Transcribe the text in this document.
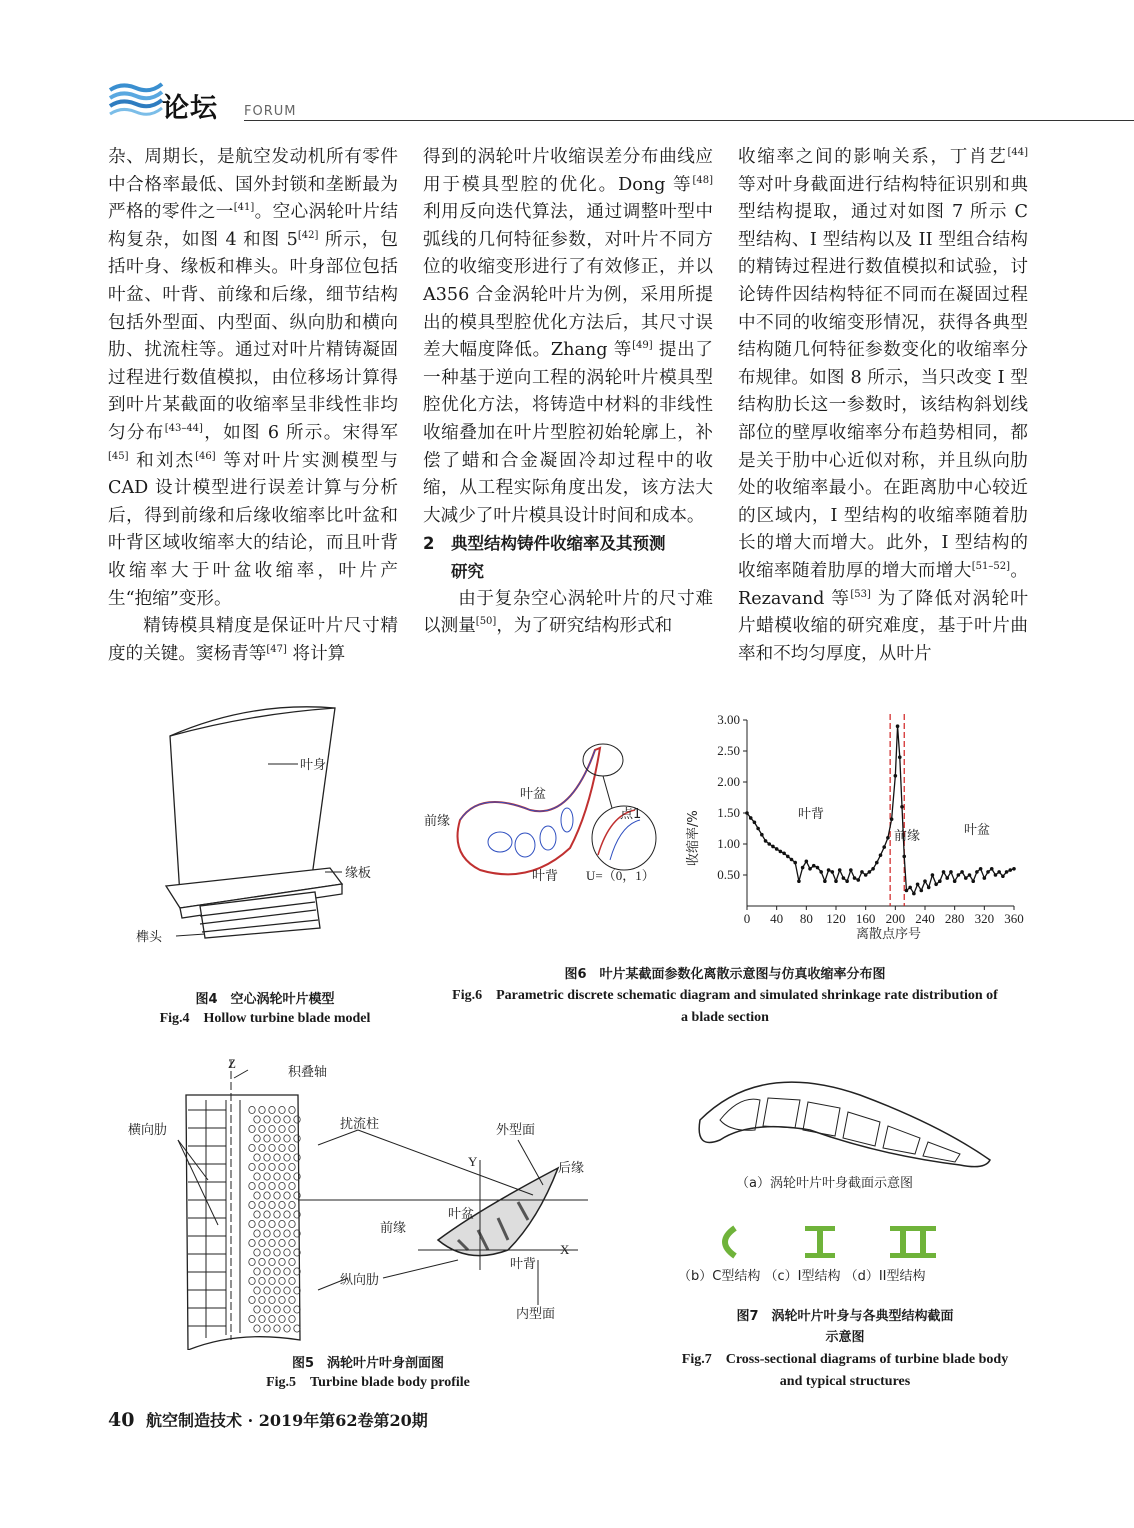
论坛 FORUM

杂、周期长，是航空发动机所有零件中合格率最低、国外封锁和垄断最为严格的零件之一[41]。空心涡轮叶片结构复杂，如图 4 和图 5[42] 所示，包括叶身、缘板和榫头。叶身部位包括叶盆、叶背、前缘和后缘，细节结构包括外型面、内型面、纵向肋和横向肋、扰流柱等。通过对叶片精铸凝固过程进行数值模拟，由位移场计算得到叶片某截面的收缩率呈非线性非均匀分布[43–44]，如图 6 所示。宋得军[45] 和刘杰[46] 等对叶片实测模型与 CAD 设计模型进行误差计算与分析后，得到前缘和后缘收缩率比叶盆和叶背区域收缩率大的结论，而且叶背收缩率大于叶盆收缩率，叶片产生“抱缩”变形。

精铸模具精度是保证叶片尺寸精度的关键。窦杨青等[47] 将计算

得到的涡轮叶片收缩误差分布曲线应用于模具型腔的优化。Dong 等[48] 利用反向迭代算法，通过调整叶型中弧线的几何特征参数，对叶片不同方位的收缩变形进行了有效修正，并以 A356 合金涡轮叶片为例，采用所提出的模具型腔优化方法后，其尺寸误差大幅度降低。Zhang 等[49] 提出了一种基于逆向工程的涡轮叶片模具型腔优化方法，将铸造中材料的非线性收缩叠加在叶片型腔初始轮廓上，补偿了蜡和合金凝固冷却过程中的收缩，从工程实际角度出发，该方法大大减少了叶片模具设计时间和成本。

2 典型结构铸件收缩率及其预测
研究

由于复杂空心涡轮叶片的尺寸难以测量[50]，为了研究结构形式和

收缩率之间的影响关系，丁肖艺[44] 等对叶身截面进行结构特征识别和典型结构提取，通过对如图 7 所示 C 型结构、I 型结构以及 II 型组合结构的精铸过程进行数值模拟和试验，讨论铸件因结构特征不同而在凝固过程中不同的收缩变形情况，获得各典型结构随几何特征参数变化的收缩率分布规律。如图 8 所示，当只改变 I 型结构肋长这一参数时，该结构斜划线部位的壁厚收缩率分布趋势相同，都是关于肋中心近似对称，并且纵向肋处的收缩率最小。在距离肋中心较近的区域内，I 型结构的收缩率随着肋长的增大而增大。此外，I 型结构的收缩率随着肋厚的增大而增大[51–52]。Rezavand 等[53] 为了降低对涡轮叶片蜡模收缩的研究难度，基于叶片曲率和不均匀厚度，从叶片

叶身
缘板
榫头
图4　空心涡轮叶片模型
Fig.4　Hollow turbine blade model
叶盆
前缘
叶背
点1
U=（0，1）
0 40 80 120 160 200 240 280 320 360
0.50
1.00
1.50
2.00
2.50
3.00
叶背
前缘	叶盆
离散点序号
收缩率/%
图6　叶片某截面参数化离散示意图与仿真收缩率分布图
Fig.6　Parametric discrete schematic diagram and simulated shrinkage rate distribution of
a blade section
Z
积叠轴
横向肋	扰流柱	外型面
Y	后缘
叶盆
前缘
X
叶背
纵向肋
内型面
图5　涡轮叶片叶身剖面图
Fig.5　Turbine blade body profile
（a）涡轮叶片叶身截面示意图
（b）C型结构 （c）I型结构 （d）II型结构
图7　涡轮叶片叶身与各典型结构截面
示意图
Fig.7　Cross-sectional diagrams of turbine blade body
and typical structures
40 航空制造技术 · 2019年第62卷第20期
